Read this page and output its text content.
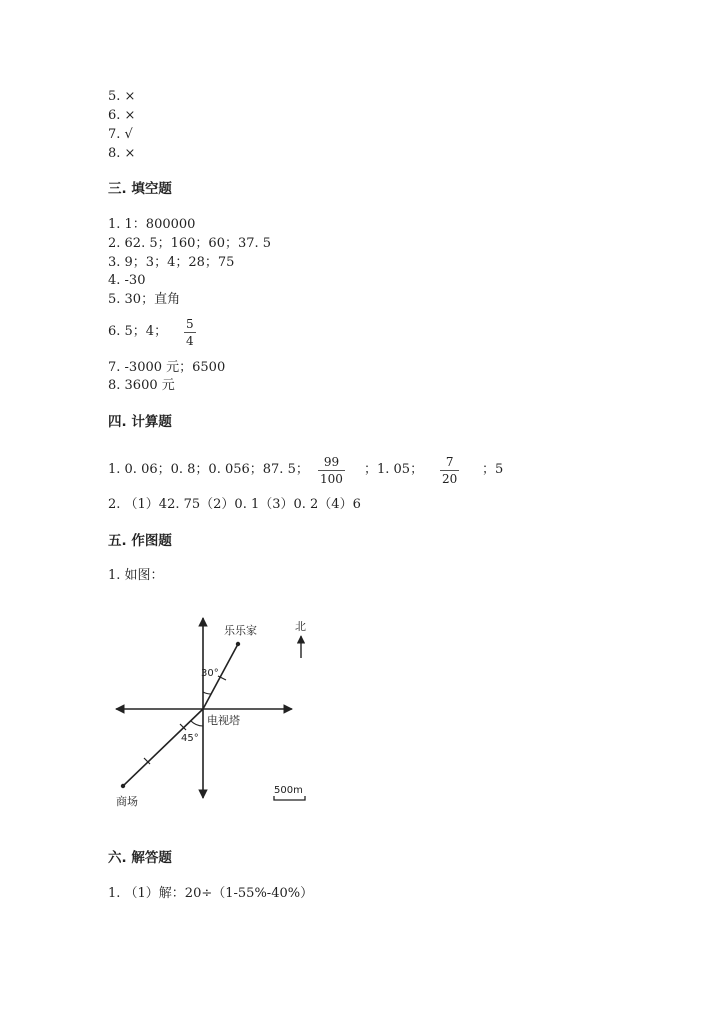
5. ×
6. ×
7. √
8. ×
三. 填空题
1. 1：800000
2. 62. 5；160；60；37. 5
3. 9；3；4；28；75
4. -30
5. 30；直角
6. 5；4； 5
4
7. -3000 元；6500
8. 3600 元
四. 计算题
1. 0. 06；0. 8；0. 056；87. 5；	99
100
；1. 05；	7
20
；5
2. （1）42. 75（2）0. 1（3）0. 2（4）6
五. 作图题
1. 如图：
乐乐家
30°
电视塔
45°
商场
北
500m
六. 解答题
1. （1）解：20÷（1-55%-40%）
